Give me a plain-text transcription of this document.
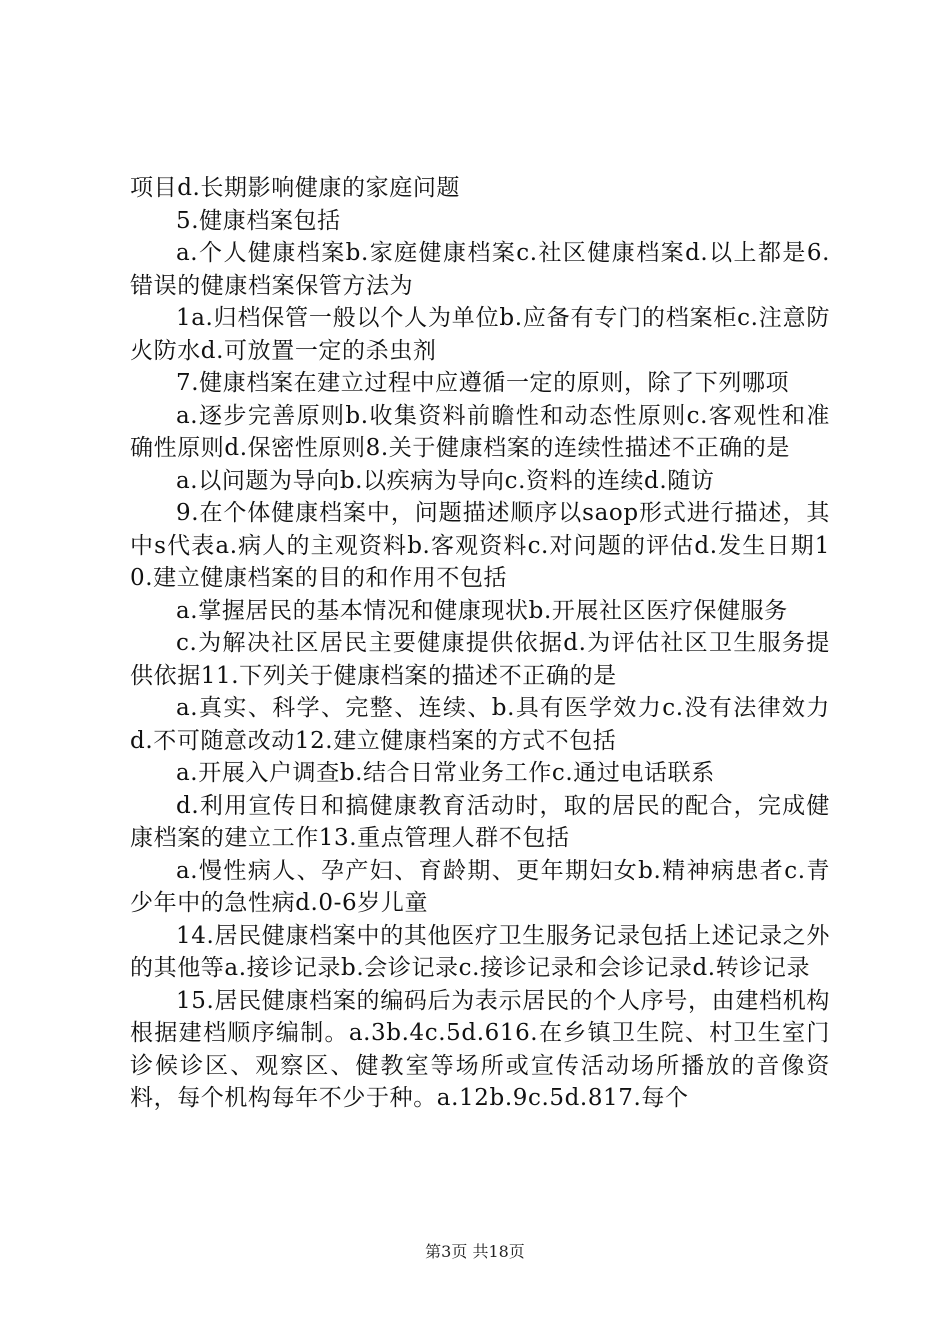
项目d.长期影响健康的家庭问题

5.健康档案包括

a.个人健康档案b.家庭健康档案c.社区健康档案d.以上都是6.错误的健康档案保管方法为

1a.归档保管一般以个人为单位b.应备有专门的档案柜c.注意防火防水d.可放置一定的杀虫剂

7.健康档案在建立过程中应遵循一定的原则，除了下列哪项

a.逐步完善原则b.收集资料前瞻性和动态性原则c.客观性和准确性原则d.保密性原则8.关于健康档案的连续性描述不正确的是

a.以问题为导向b.以疾病为导向c.资料的连续d.随访

9.在个体健康档案中，问题描述顺序以saop形式进行描述，其中s代表a.病人的主观资料b.客观资料c.对问题的评估d.发生日期10.建立健康档案的目的和作用不包括

a.掌握居民的基本情况和健康现状b.开展社区医疗保健服务

c.为解决社区居民主要健康提供依据d.为评估社区卫生服务提供依据11.下列关于健康档案的描述不正确的是

a.真实、科学、完整、连续、b.具有医学效力c.没有法律效力d.不可随意改动12.建立健康档案的方式不包括

a.开展入户调查b.结合日常业务工作c.通过电话联系

d.利用宣传日和搞健康教育活动时，取的居民的配合，完成健康档案的建立工作13.重点管理人群不包括

a.慢性病人、孕产妇、育龄期、更年期妇女b.精神病患者c.青少年中的急性病d.0-6岁儿童

14.居民健康档案中的其他医疗卫生服务记录包括上述记录之外的其他等a.接诊记录b.会诊记录c.接诊记录和会诊记录d.转诊记录

15.居民健康档案的编码后为表示居民的个人序号，由建档机构根据建档顺序编制。a.3b.4c.5d.616.在乡镇卫生院、村卫生室门诊候诊区、观察区、健教室等场所或宣传活动场所播放的音像资料，每个机构每年不少于种。a.12b.9c.5d.817.每个

第3页 共18页
